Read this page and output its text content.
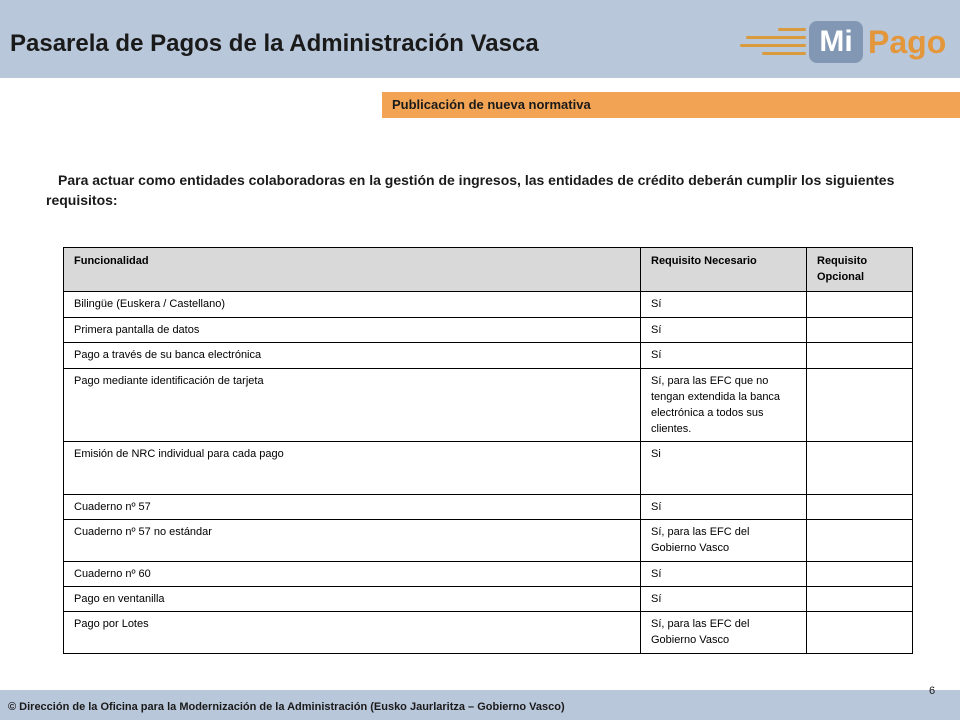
Pasarela de Pagos de la Administración Vasca	Mi Pago
Publicación de nueva normativa
Para actuar como entidades colaboradoras en la gestión de ingresos, las entidades de crédito deberán cumplir los siguientes requisitos:
Funcionalidad	Requisito Necesario	Requisito Opcional
Bilingüe (Euskera / Castellano)	Sí	
Primera pantalla de datos	Sí	
Pago a través de su banca electrónica	Sí	
Pago mediante identificación de tarjeta	Sí, para las EFC que no tengan extendida la banca electrónica a todos sus clientes.	
Emisión de NRC individual para cada pago	Si	
Cuaderno nº 57	Sí	
Cuaderno nº 57 no estándar	Sí, para las EFC del Gobierno Vasco	
Cuaderno nº 60	Sí	
Pago en ventanilla	Sí	
Pago por Lotes	Sí, para las EFC del Gobierno Vasco	
© Dirección de la Oficina para la Modernización de la Administración (Eusko Jaurlaritza – Gobierno Vasco)
6
